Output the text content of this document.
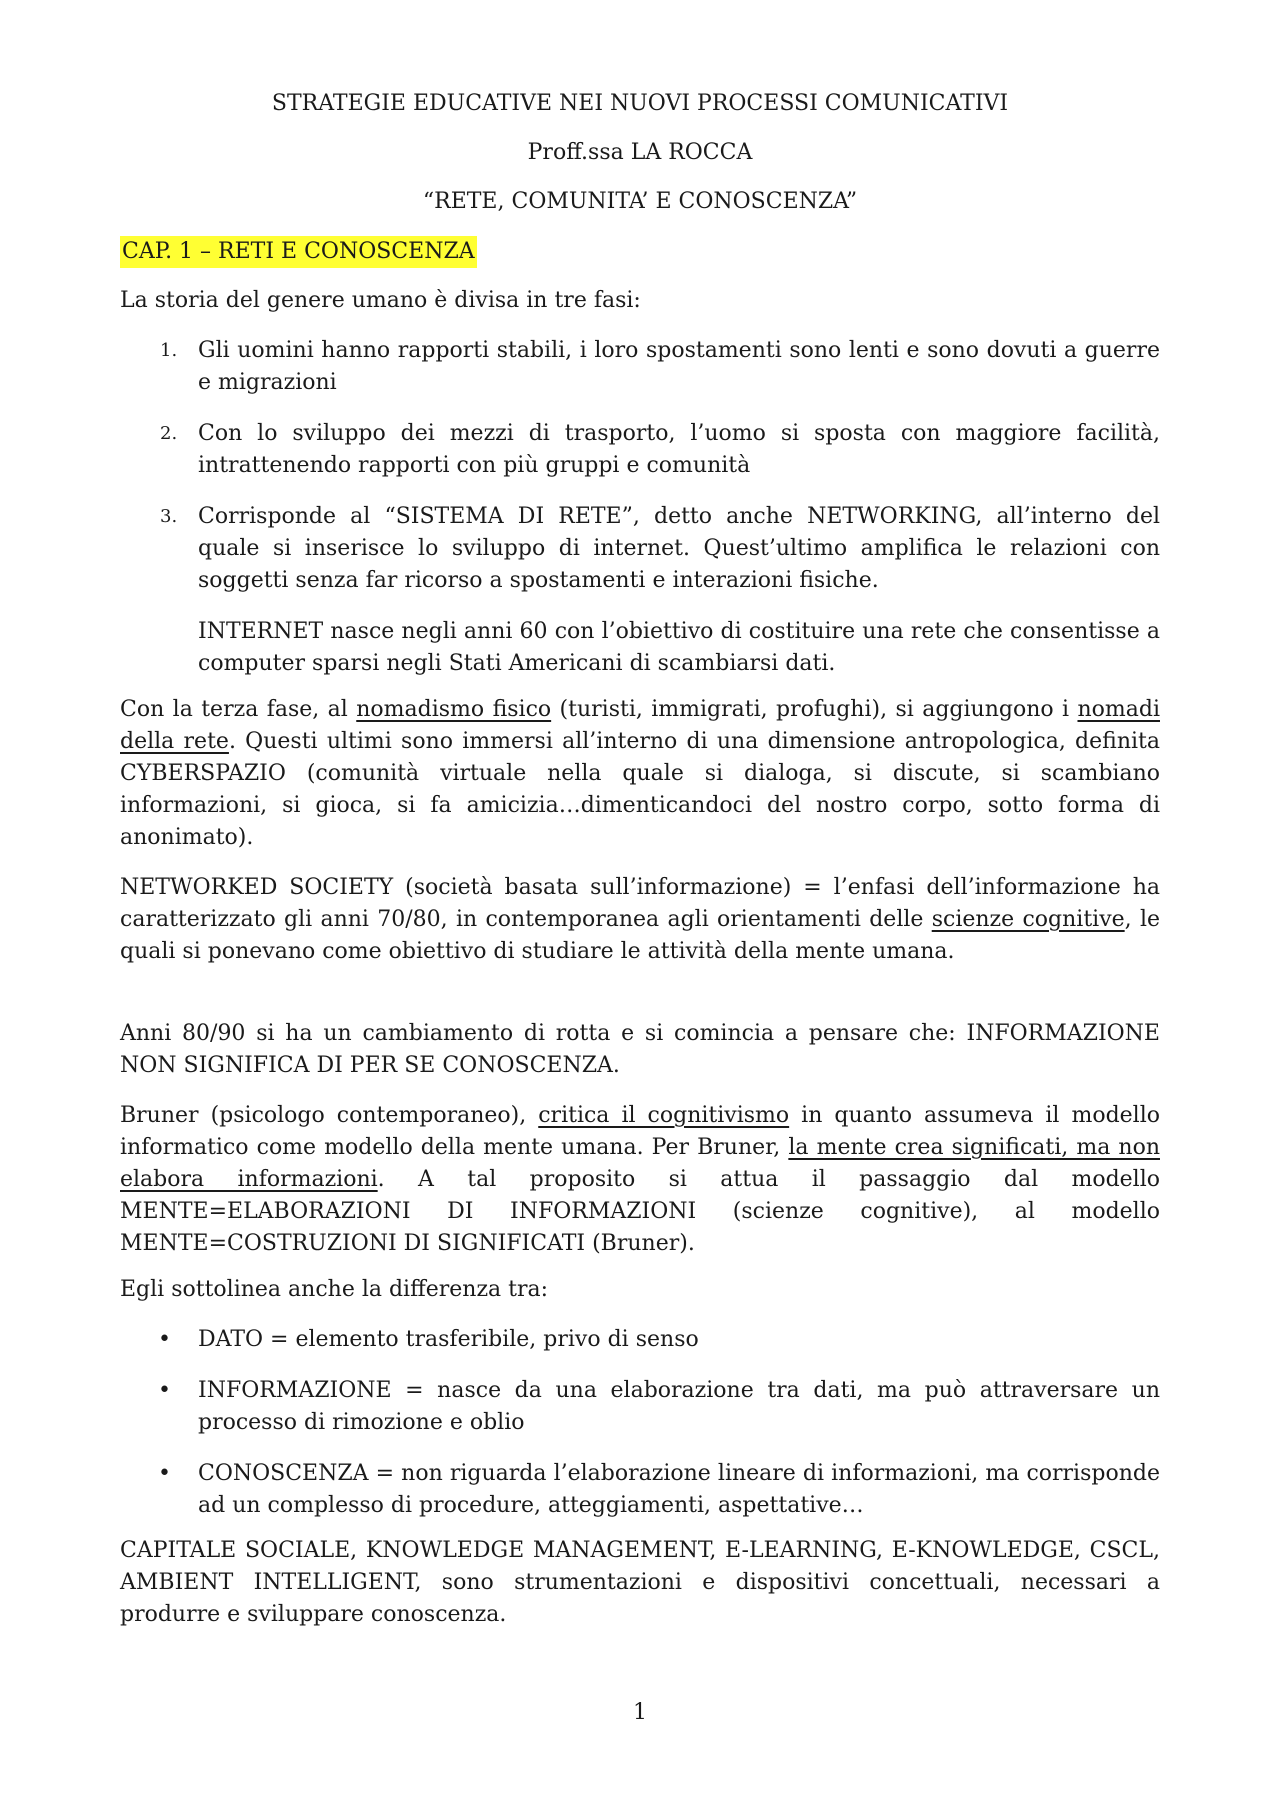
STRATEGIE EDUCATIVE NEI NUOVI PROCESSI COMUNICATIVI
Proff.ssa LA ROCCA
“RETE, COMUNITA’ E CONOSCENZA”
CAP. 1 – RETI E CONOSCENZA
La storia del genere umano è divisa in tre fasi:
1. Gli uomini hanno rapporti stabili, i loro spostamenti sono lenti e sono dovuti a guerre e migrazioni

2. Con lo sviluppo dei mezzi di trasporto, l’uomo si sposta con maggiore facilità, intrattenendo rapporti con più gruppi e comunità

3. Corrisponde al “SISTEMA DI RETE”, detto anche NETWORKING, all’interno del quale si inserisce lo sviluppo di internet. Quest’ultimo amplifica le relazioni con soggetti senza far ricorso a spostamenti e interazioni fisiche.

INTERNET nasce negli anni 60 con l’obiettivo di costituire una rete che consentisse a computer sparsi negli Stati Americani di scambiarsi dati.

Con la terza fase, al nomadismo fisico (turisti, immigrati, profughi), si aggiungono i nomadi della rete. Questi ultimi sono immersi all’interno di una dimensione antropologica, definita CYBERSPAZIO (comunità virtuale nella quale si dialoga, si discute, si scambiano informazioni, si gioca, si fa amicizia…dimenticandoci del nostro corpo, sotto forma di anonimato).
NETWORKED SOCIETY (società basata sull’informazione) = l’enfasi dell’informazione ha caratterizzato gli anni 70/80, in contemporanea agli orientamenti delle scienze cognitive, le quali si ponevano come obiettivo di studiare le attività della mente umana.
Anni 80/90 si ha un cambiamento di rotta e si comincia a pensare che: INFORMAZIONE NON SIGNIFICA DI PER SE CONOSCENZA.
Bruner (psicologo contemporaneo), critica il cognitivismo in quanto assumeva il modello informatico come modello della mente umana. Per Bruner, la mente crea significati, ma non elabora informazioni. A tal proposito si attua il passaggio dal modello MENTE=ELABORAZIONI DI INFORMAZIONI (scienze cognitive), al modello MENTE=COSTRUZIONI DI SIGNIFICATI (Bruner).
Egli sottolinea anche la differenza tra:
• DATO = elemento trasferibile, privo di senso

• INFORMAZIONE = nasce da una elaborazione tra dati, ma può attraversare un processo di rimozione e oblio

• CONOSCENZA = non riguarda l’elaborazione lineare di informazioni, ma corrisponde ad un complesso di procedure, atteggiamenti, aspettative…

CAPITALE SOCIALE, KNOWLEDGE MANAGEMENT, E-LEARNING, E-KNOWLEDGE, CSCL, AMBIENT INTELLIGENT, sono strumentazioni e dispositivi concettuali, necessari a produrre e sviluppare conoscenza.
1
